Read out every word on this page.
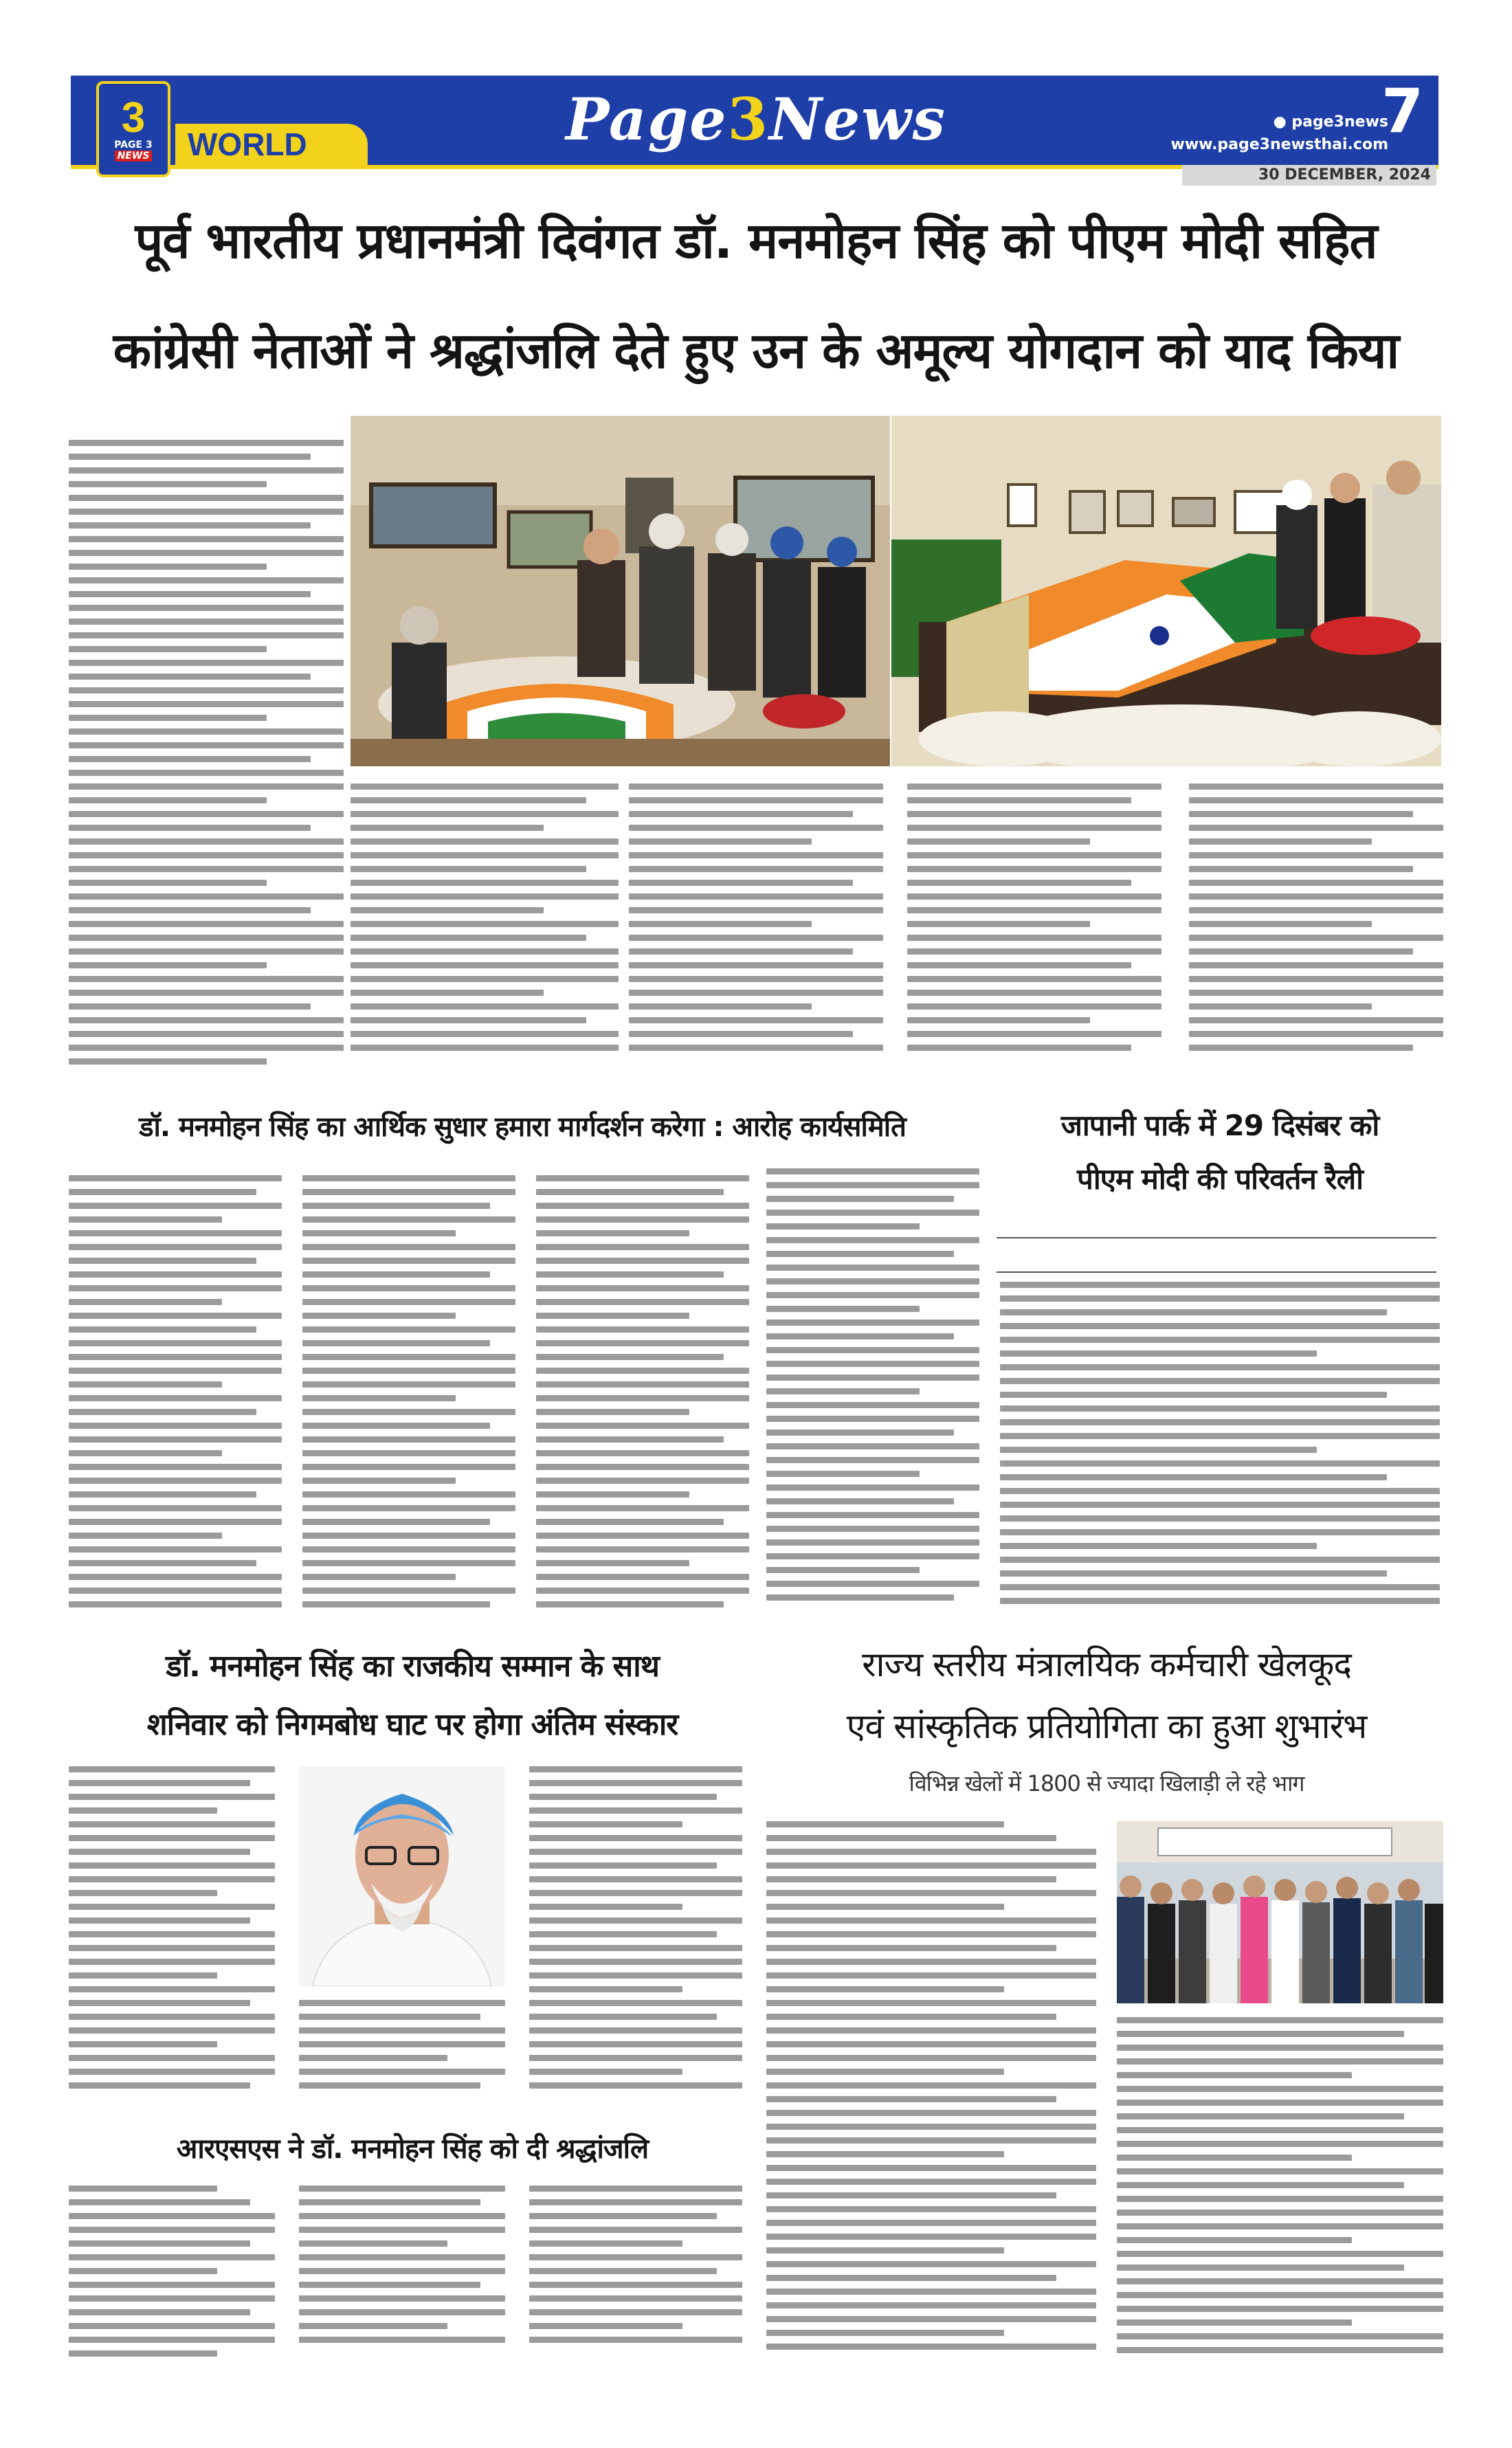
3
PAGE 3
NEWS WORLD	Page 3 News	● page3news
www.page3newsthai.com
7
30 DECEMBER, 2024
पूर्व भारतीय प्रधानमंत्री दिवंगत डॉ. मनमोहन सिंह को पीएम मोदी सहित
कांग्रेसी नेताओं ने श्रद्धांजलि देते हुए उन के अमूल्य योगदान को याद किया
डॉ. मनमोहन सिंह का आर्थिक सुधार हमारा मार्गदर्शन करेगा : आरोह कार्यसमिति	जापानी पार्क में 29 दिसंबर को
पीएम मोदी की परिवर्तन रैली
डॉ. मनमोहन सिंह का राजकीय सम्मान के साथ
शनिवार को निगमबोध घाट पर होगा अंतिम संस्कार
राज्य स्तरीय मंत्रालयिक कर्मचारी खेलकूद
एवं सांस्कृतिक प्रतियोगिता का हुआ शुभारंभ
विभिन्न खेलों में 1800 से ज्यादा खिलाड़ी ले रहे भाग
आरएसएस ने डॉ. मनमोहन सिंह को दी श्रद्धांजलि
